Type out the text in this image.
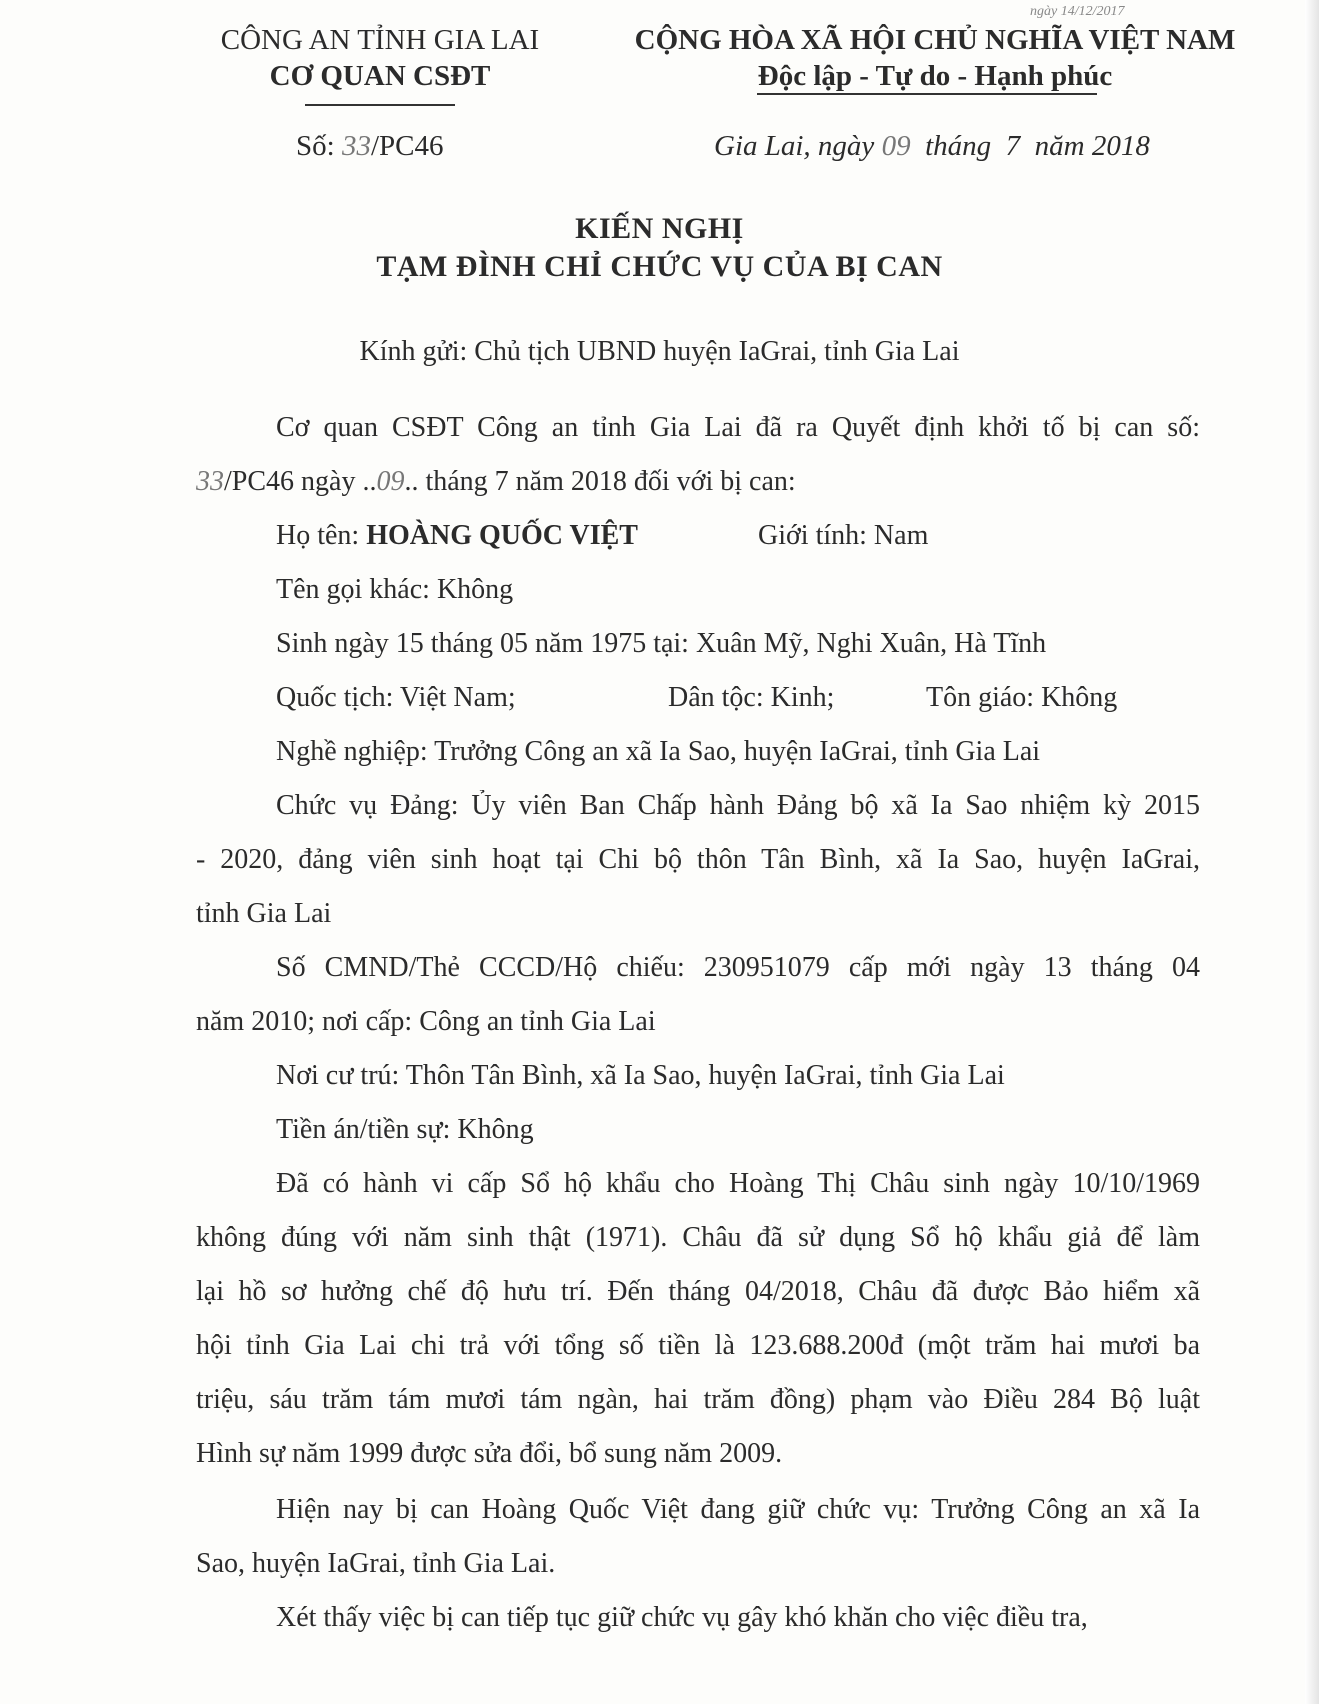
ngày 14/12/2017
CÔNG AN TỈNH GIA LAI
CƠ QUAN CSĐT
CỘNG HÒA XÃ HỘI CHỦ NGHĨA VIỆT NAM
Độc lập - Tự do - Hạnh phúc
Số: 33/PC46	Gia Lai, ngày 09 tháng 7 năm 2018
KIẾN NGHỊ
TẠM ĐÌNH CHỈ CHỨC VỤ CỦA BỊ CAN
Kính gửi: Chủ tịch UBND huyện IaGrai, tỉnh Gia Lai
Cơ quan CSĐT Công an tỉnh Gia Lai đã ra Quyết định khởi tố bị can số:
33/PC46 ngày ..09.. tháng 7 năm 2018 đối với bị can:
Họ tên: HOÀNG QUỐC VIỆT	Giới tính: Nam
Tên gọi khác: Không
Sinh ngày 15 tháng 05 năm 1975 tại: Xuân Mỹ, Nghi Xuân, Hà Tĩnh
Quốc tịch: Việt Nam;	Dân tộc: Kinh;	Tôn giáo: Không
Nghề nghiệp: Trưởng Công an xã Ia Sao, huyện IaGrai, tỉnh Gia Lai
Chức vụ Đảng: Ủy viên Ban Chấp hành Đảng bộ xã Ia Sao nhiệm kỳ 2015
- 2020, đảng viên sinh hoạt tại Chi bộ thôn Tân Bình, xã Ia Sao, huyện IaGrai,
tỉnh Gia Lai
Số CMND/Thẻ CCCD/Hộ chiếu: 230951079 cấp mới ngày 13 tháng 04
năm 2010; nơi cấp: Công an tỉnh Gia Lai
Nơi cư trú: Thôn Tân Bình, xã Ia Sao, huyện IaGrai, tỉnh Gia Lai
Tiền án/tiền sự: Không
Đã có hành vi cấp Sổ hộ khẩu cho Hoàng Thị Châu sinh ngày 10/10/1969
không đúng với năm sinh thật (1971). Châu đã sử dụng Sổ hộ khẩu giả để làm
lại hồ sơ hưởng chế độ hưu trí. Đến tháng 04/2018, Châu đã được Bảo hiểm xã
hội tỉnh Gia Lai chi trả với tổng số tiền là 123.688.200đ (một trăm hai mươi ba
triệu, sáu trăm tám mươi tám ngàn, hai trăm đồng) phạm vào Điều 284 Bộ luật
Hình sự năm 1999 được sửa đổi, bổ sung năm 2009.
Hiện nay bị can Hoàng Quốc Việt đang giữ chức vụ: Trưởng Công an xã Ia
Sao, huyện IaGrai, tỉnh Gia Lai.
Xét thấy việc bị can tiếp tục giữ chức vụ gây khó khăn cho việc điều tra,
